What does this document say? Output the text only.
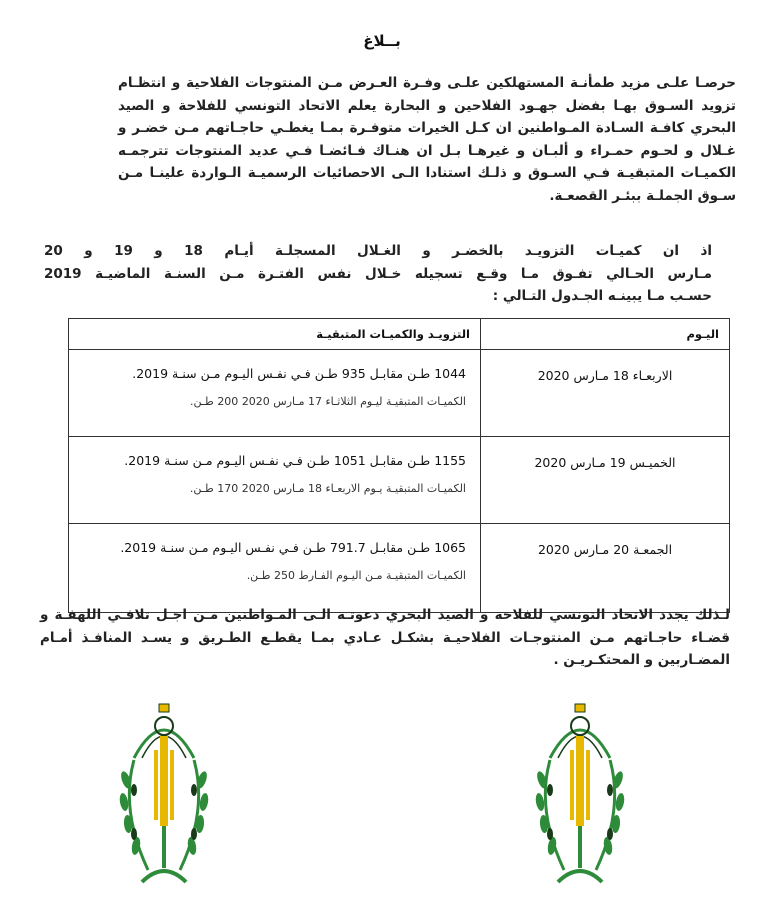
بــلاغ
حرصـا علـى مزيد طمأنـة المستهلكين علـى وفـرة العـرض مـن المنتوجات الفلاحية و انتظـام تزويد السـوق بهـا بفضل جهـود الفلاحين و البحارة يعلم الاتحاد التونسي للفلاحة و الصيد البحري كافـة السـادة المـواطنين ان كـل الخيرات متوفـرة بمـا يغطـي حاجـاتهم مـن خضـر و غـلال و لحـوم حمـراء و ألبـان و غيرهـا بـل ان هنـاك فـائضـا فـي عديد المنتوجات تترجمـه الكميـات المتبقيـة فـي السـوق و ذلـك استنادا الـى الاحصائيات الرسميـة الـواردة علينـا مـن سـوق الجملـة ببئـر القصعـة.
اذ ان كميـات التزويـد بالخضـر و الغـلال المسجلـة أيـام 18 و 19 و 20
مـارس الحـالي تفـوق مـا وقـع تسجيله خـلال نفس الفتـرة مـن السنـة الماضيـة 2019
حسـب مـا يبينـه الجـدول التـالي :
اليـوم	التزويـد والكميـات المتبقيـة
الاربعـاء 18 مـارس 2020	1044 طـن مقابـل 935 طـن فـي نفـس اليـوم مـن سنـة 2019.
الكميـات المتبقيـة ليـوم الثلاثـاء 17 مـارس 2020 200 طـن.

الخميـس 19 مـارس 2020	1155 طـن مقابـل 1051 طـن فـي نفـس اليـوم مـن سنـة 2019.
الكميـات المتبقيـة يـوم الاربعـاء 18 مـارس 2020 170 طـن.

الجمعـة 20 مـارس 2020	1065 طـن مقابـل 791.7 طـن فـي نفـس اليـوم مـن سنـة 2019.
الكميـات المتبقيـة مـن اليـوم الفـارط 250 طـن.
لـذلك يجدد الاتحاد التونسي للفلاحة و الصيد البحري دعوتـه الـى المـواطنين مـن اجـل تلافـي اللهفـة و قضـاء حاجـاتهم مـن المنتوجـات الفلاحيـة بشكـل عـادي بمـا يقطـع الطـريق و يسـد المنافـذ أمـام المضـاربين و المحتكـريـن .
